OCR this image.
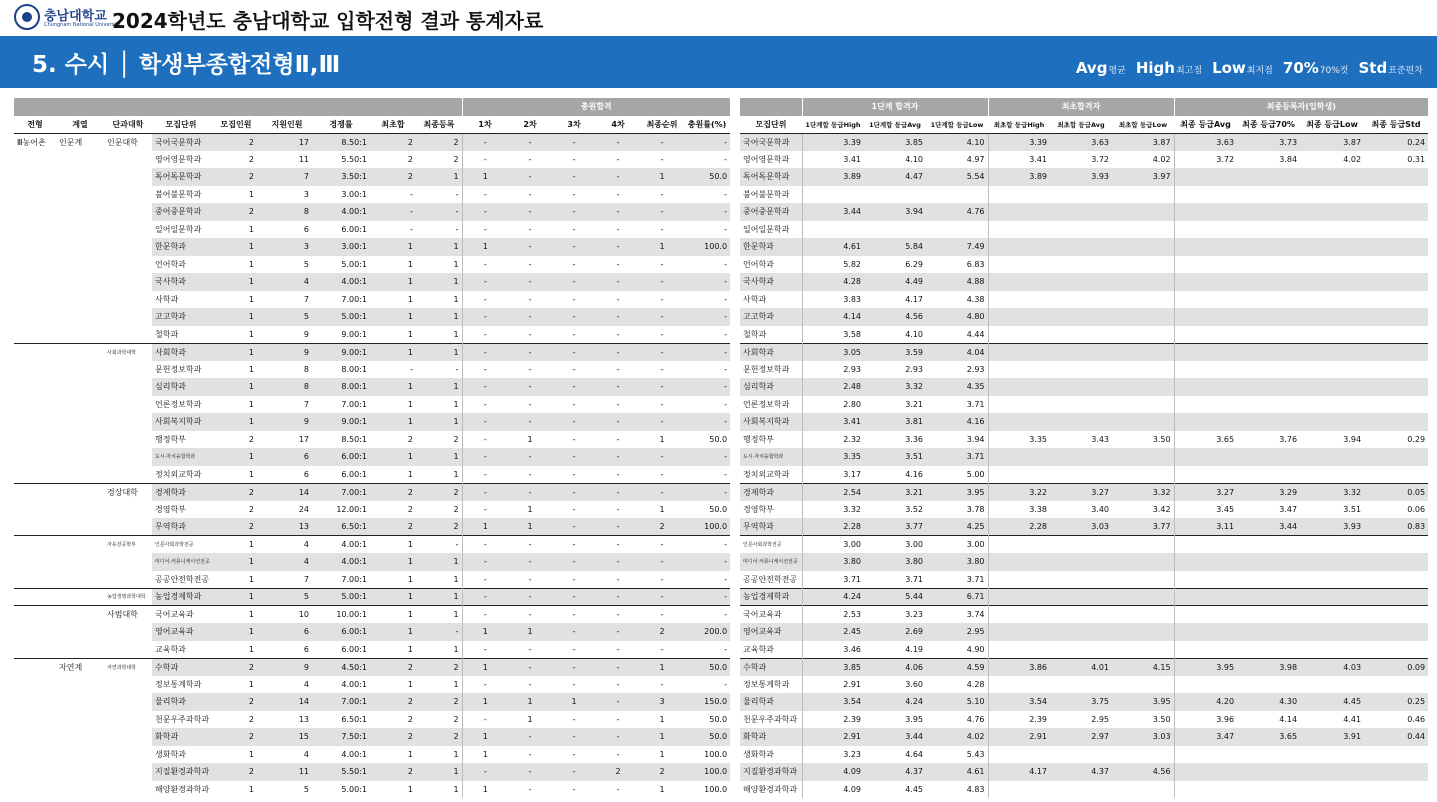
충남대학교
Chungnam National University
2024학년도 충남대학교 입학전형 결과 통계자료
5. 수시 │ 학생부종합전형Ⅱ,Ⅲ	Avg평균 High최고점 Low최저점 70%70%컷 Std표준편차
									충원합격					
전형	계열	단과대학	모집단위	모집인원	지원인원	경쟁률	최초합	최종등록	1차	2차	3차	4차	최종순위	충원률(%)
Ⅲ농어촌	인문계	인문대학	국어국문학과	2	17	8.50:1	2	2	-	-	-	-	-	-
			영어영문학과	2	11	5.50:1	2	2	-	-	-	-	-	-
			독어독문학과	2	7	3.50:1	2	1	1	-	-	-	1	50.0
			불어불문학과	1	3	3.00:1	-	-	-	-	-	-	-	-
			중어중문학과	2	8	4.00:1	-	-	-	-	-	-	-	-
			일어일문학과	1	6	6.00:1	-	-	-	-	-	-	-	-
			한문학과	1	3	3.00:1	1	1	1	-	-	-	1	100.0
			언어학과	1	5	5.00:1	1	1	-	-	-	-	-	-
			국사학과	1	4	4.00:1	1	1	-	-	-	-	-	-
			사학과	1	7	7.00:1	1	1	-	-	-	-	-	-
			고고학과	1	5	5.00:1	1	1	-	-	-	-	-	-
			철학과	1	9	9.00:1	1	1	-	-	-	-	-	-
		사회과학대학	사회학과	1	9	9.00:1	1	1	-	-	-	-	-	-
			문헌정보학과	1	8	8.00:1	-	-	-	-	-	-	-	-
			심리학과	1	8	8.00:1	1	1	-	-	-	-	-	-
			언론정보학과	1	7	7.00:1	1	1	-	-	-	-	-	-
			사회복지학과	1	9	9.00:1	1	1	-	-	-	-	-	-
			행정학부	2	17	8.50:1	2	2	-	1	-	-	1	50.0
			도시·자치융합학과	1	6	6.00:1	1	1	-	-	-	-	-	-
			정치외교학과	1	6	6.00:1	1	1	-	-	-	-	-	-
		경상대학	경제학과	2	14	7.00:1	2	2	-	-	-	-	-	-
			경영학부	2	24	12.00:1	2	2	-	1	-	-	1	50.0
			무역학과	2	13	6.50:1	2	2	1	1	-	-	2	100.0
		자유전공학부	인문사회과학전공	1	4	4.00:1	1	-	-	-	-	-	-	-
			미디어·커뮤니케이션전공	1	4	4.00:1	1	1	-	-	-	-	-	-
			공공안전학전공	1	7	7.00:1	1	1	-	-	-	-	-	-
		농업생명과학대학	농업경제학과	1	5	5.00:1	1	1	-	-	-	-	-	-
		사범대학	국어교육과	1	10	10.00:1	1	1	-	-	-	-	-	-
			영어교육과	1	6	6.00:1	1	-	1	1	-	-	2	200.0
			교육학과	1	6	6.00:1	1	1	-	-	-	-	-	-
	자연계	자연과학대학	수학과	2	9	4.50:1	2	2	1	-	-	-	1	50.0
			정보통계학과	1	4	4.00:1	1	1	-	-	-	-	-	-
			물리학과	2	14	7.00:1	2	2	1	1	1	-	3	150.0
			천문우주과학과	2	13	6.50:1	2	2	-	1	-	-	1	50.0
			화학과	2	15	7.50:1	2	2	1	-	-	-	1	50.0
			생화학과	1	4	4.00:1	1	1	1	-	-	-	1	100.0
			지질환경과학과	2	11	5.50:1	2	1	-	-	-	2	2	100.0
			해양환경과학과	1	5	5.00:1	1	1	1	-	-	-	1	100.0
	1단계 합격자			최초합격자			최종등록자(입학생)			
모집단위	1단계합 등급High	1단계합 등급Avg	1단계합 등급Low	최초합 등급High	최초합 등급Avg	최초합 등급Low	최종 등급Avg	최종 등급70%	최종 등급Low	최종 등급Std
국어국문학과	3.39	3.85	4.10	3.39	3.63	3.87	3.63	3.73	3.87	0.24
영어영문학과	3.41	4.10	4.97	3.41	3.72	4.02	3.72	3.84	4.02	0.31
독어독문학과	3.89	4.47	5.54	3.89	3.93	3.97				
불어불문학과										
중어중문학과	3.44	3.94	4.76							
일어일문학과										
한문학과	4.61	5.84	7.49							
언어학과	5.82	6.29	6.83							
국사학과	4.28	4.49	4.88							
사학과	3.83	4.17	4.38							
고고학과	4.14	4.56	4.80							
철학과	3.58	4.10	4.44							
사회학과	3.05	3.59	4.04							
문헌정보학과	2.93	2.93	2.93							
심리학과	2.48	3.32	4.35							
언론정보학과	2.80	3.21	3.71							
사회복지학과	3.41	3.81	4.16							
행정학부	2.32	3.36	3.94	3.35	3.43	3.50	3.65	3.76	3.94	0.29
도시·자치융합학과	3.35	3.51	3.71							
정치외교학과	3.17	4.16	5.00							
경제학과	2.54	3.21	3.95	3.22	3.27	3.32	3.27	3.29	3.32	0.05
경영학부	3.32	3.52	3.78	3.38	3.40	3.42	3.45	3.47	3.51	0.06
무역학과	2.28	3.77	4.25	2.28	3.03	3.77	3.11	3.44	3.93	0.83
인문사회과학전공	3.00	3.00	3.00							
미디어·커뮤니케이션전공	3.80	3.80	3.80							
공공안전학전공	3.71	3.71	3.71							
농업경제학과	4.24	5.44	6.71							
국어교육과	2.53	3.23	3.74							
영어교육과	2.45	2.69	2.95							
교육학과	3.46	4.19	4.90							
수학과	3.85	4.06	4.59	3.86	4.01	4.15	3.95	3.98	4.03	0.09
정보통계학과	2.91	3.60	4.28							
물리학과	3.54	4.24	5.10	3.54	3.75	3.95	4.20	4.30	4.45	0.25
천문우주과학과	2.39	3.95	4.76	2.39	2.95	3.50	3.96	4.14	4.41	0.46
화학과	2.91	3.44	4.02	2.91	2.97	3.03	3.47	3.65	3.91	0.44
생화학과	3.23	4.64	5.43							
지질환경과학과	4.09	4.37	4.61	4.17	4.37	4.56				
해양환경과학과	4.09	4.45	4.83							
